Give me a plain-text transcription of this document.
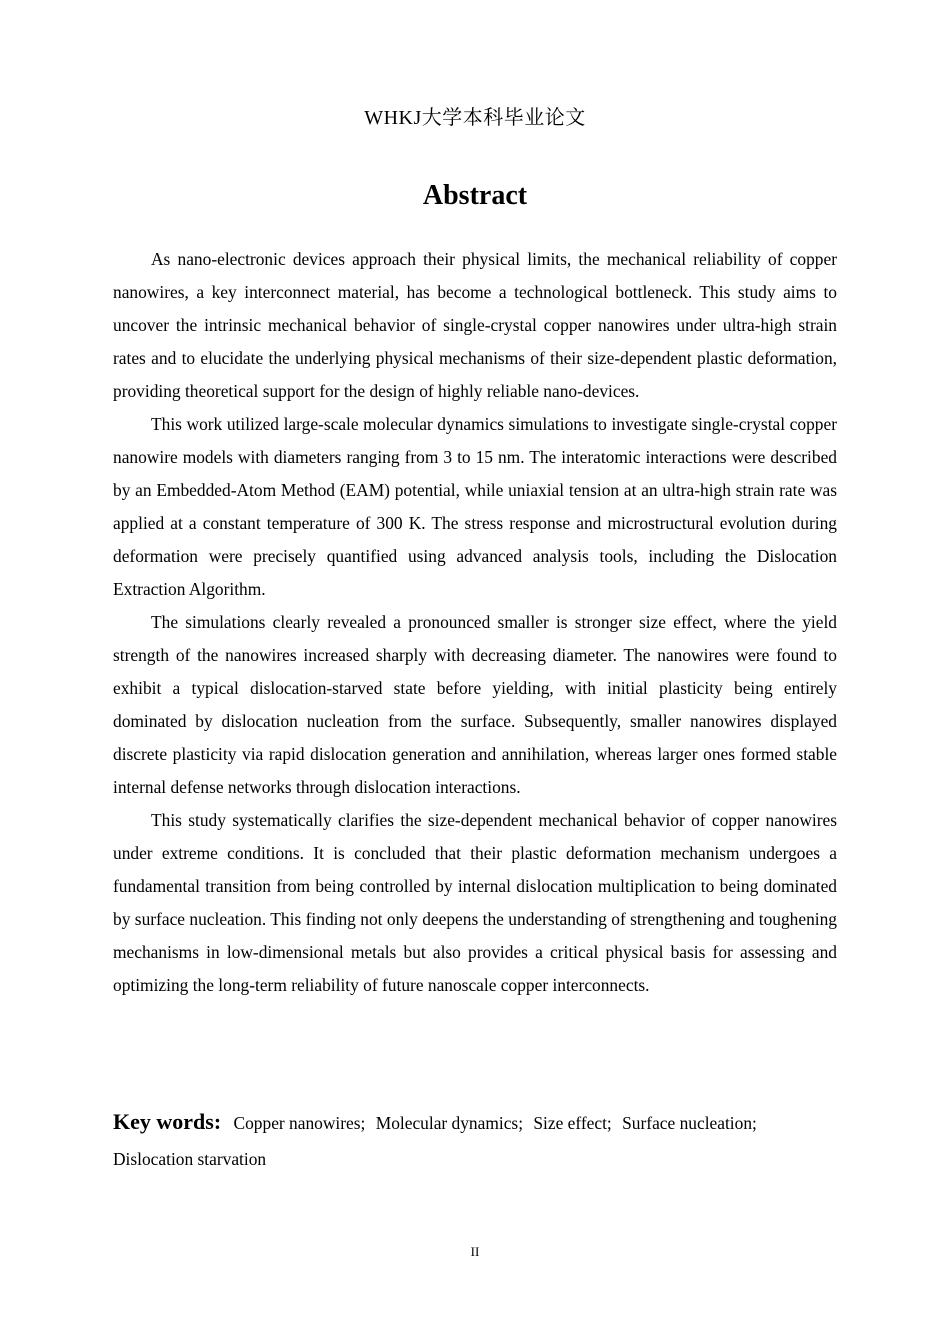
WHKJ大学本科毕业论文
Abstract

As nano-electronic devices approach their physical limits, the mechanical reliability of copper nanowires, a key interconnect material, has become a technological bottleneck. This study aims to uncover the intrinsic mechanical behavior of single-crystal copper nanowires under ultra-high strain rates and to elucidate the underlying physical mechanisms of their size-dependent plastic deformation, providing theoretical support for the design of highly reliable nano-devices.

This work utilized large-scale molecular dynamics simulations to investigate single-crystal copper nanowire models with diameters ranging from 3 to 15 nm. The interatomic interactions were described by an Embedded-Atom Method (EAM) potential, while uniaxial tension at an ultra-high strain rate was applied at a constant temperature of 300 K. The stress response and microstructural evolution during deformation were precisely quantified using advanced analysis tools, including the Dislocation Extraction Algorithm.

The simulations clearly revealed a pronounced smaller is stronger size effect, where the yield strength of the nanowires increased sharply with decreasing diameter. The nanowires were found to exhibit a typical dislocation-starved state before yielding, with initial plasticity being entirely dominated by dislocation nucleation from the surface. Subsequently, smaller nanowires displayed discrete plasticity via rapid dislocation generation and annihilation, whereas larger ones formed stable internal defense networks through dislocation interactions.

This study systematically clarifies the size-dependent mechanical behavior of copper nanowires under extreme conditions. It is concluded that their plastic deformation mechanism undergoes a fundamental transition from being controlled by internal dislocation multiplication to being dominated by surface nucleation. This finding not only deepens the understanding of strengthening and toughening mechanisms in low-dimensional metals but also provides a critical physical basis for assessing and optimizing the long-term reliability of future nanoscale copper interconnects.

Key words: Copper nanowires; Molecular dynamics; Size effect; Surface nucleation; Dislocation starvation
II
